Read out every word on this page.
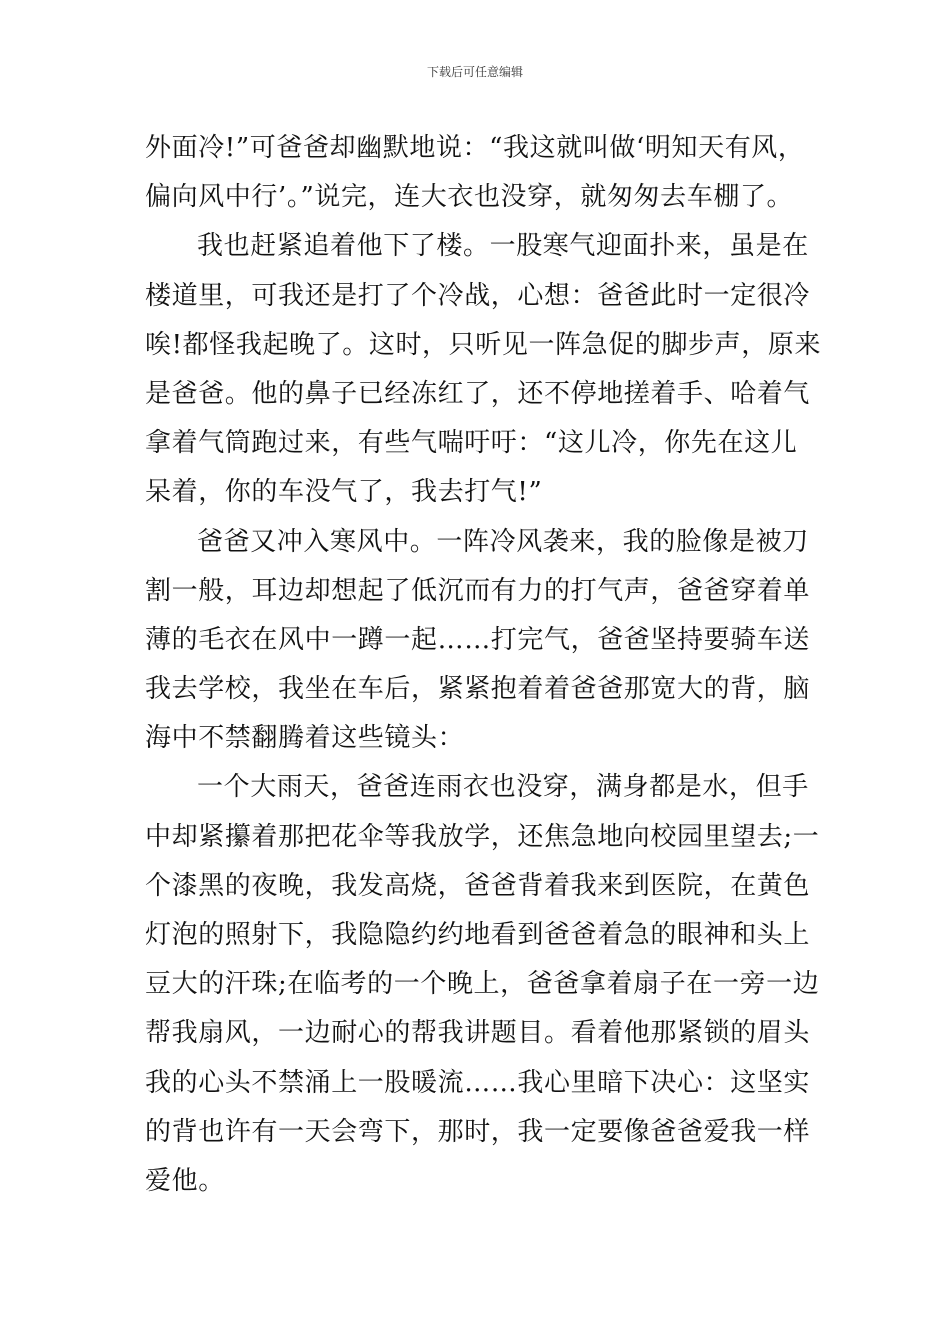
下载后可任意编辑
外面冷!”可爸爸却幽默地说：“我这就叫做‘明知天有风，
偏向风中行’。”说完，连大衣也没穿，就匆匆去车棚了。
我也赶紧追着他下了楼。一股寒气迎面扑来，虽是在
楼道里，可我还是打了个冷战，心想：爸爸此时一定很冷
唉!都怪我起晚了。这时，只听见一阵急促的脚步声，原来
是爸爸。他的鼻子已经冻红了，还不停地搓着手、哈着气
拿着气筒跑过来，有些气喘吁吁：“这儿冷，你先在这儿
呆着，你的车没气了，我去打气!”
爸爸又冲入寒风中。一阵冷风袭来，我的脸像是被刀
割一般，耳边却想起了低沉而有力的打气声，爸爸穿着单
薄的毛衣在风中一蹲一起……打完气，爸爸坚持要骑车送
我去学校，我坐在车后，紧紧抱着着爸爸那宽大的背，脑
海中不禁翻腾着这些镜头：
一个大雨天，爸爸连雨衣也没穿，满身都是水，但手
中却紧攥着那把花伞等我放学，还焦急地向校园里望去;一
个漆黑的夜晚，我发高烧，爸爸背着我来到医院，在黄色
灯泡的照射下，我隐隐约约地看到爸爸着急的眼神和头上
豆大的汗珠;在临考的一个晚上，爸爸拿着扇子在一旁一边
帮我扇风，一边耐心的帮我讲题目。看着他那紧锁的眉头
我的心头不禁涌上一股暖流……我心里暗下决心：这坚实
的背也许有一天会弯下，那时，我一定要像爸爸爱我一样
爱他。
